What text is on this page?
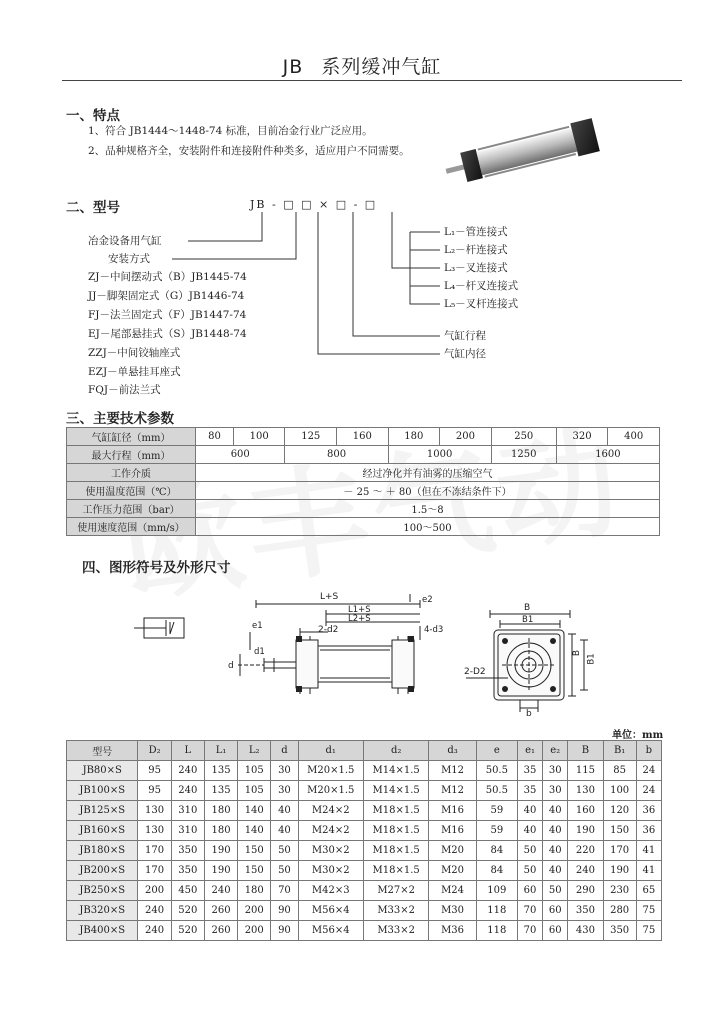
JB 系列缓冲气缸
一、特点
1、符合 JB1444～1448-74 标准，目前冶金行业广泛应用。
2、品种规格齐全，安装附件和连接附件种类多，适应用户不同需要。
二、型号	JB - □ □ × □ - □
冶金设备用气缸
安装方式
ZJ－中间摆动式（B）JB1445-74
JJ－脚架固定式（G）JB1446-74
FJ－法兰固定式（F）JB1447-74
EJ－尾部悬挂式（S）JB1448-74
ZZJ－中间铰轴座式
EZJ－单悬挂耳座式
FQJ－前法兰式
L₁－管连接式
L₂－杆连接式
L₃－叉连接式
L₄－杆叉连接式
L₅－叉杆连接式
气缸行程
气缸内径
三、主要技术参数
气缸缸径（mm）	80	100	125	160	180	200	250	320	400
最大行程（mm）	600		800		1000		1250	1600	
工作介质	经过净化并有油雾的压缩空气								
使用温度范围（℃）	－ 25 ～ ＋ 80（但在不冻结条件下）								
工作压力范围（bar）	1.5～8								
使用速度范围（mm/s）	100～500								
四、图形符号及外形尺寸
L+S
L1+S
L2+S
2-d2
e2
e1	4-d3
d
d1
B
B1
2-D2
b
B
B1
单位：mm
型号	D₂	L	L₁	L₂	d	d₁	d₂	d₃	e	e₁	e₂	B	B₁	b
JB80×S	95	240	135	105	30	M20×1.5	M14×1.5	M12	50.5	35	30	115	85	24
JB100×S	95	240	135	105	30	M20×1.5	M14×1.5	M12	50.5	35	30	130	100	24
JB125×S	130	310	180	140	40	M24×2	M18×1.5	M16	59	40	40	160	120	36
JB160×S	130	310	180	140	40	M24×2	M18×1.5	M16	59	40	40	190	150	36
JB180×S	170	350	190	150	50	M30×2	M18×1.5	M20	84	50	40	220	170	41
JB200×S	170	350	190	150	50	M30×2	M18×1.5	M20	84	50	40	240	190	41
JB250×S	200	450	240	180	70	M42×3	M27×2	M24	109	60	50	290	230	65
JB320×S	240	520	260	200	90	M56×4	M33×2	M30	118	70	60	350	280	75
JB400×S	240	520	260	200	90	M56×4	M33×2	M36	118	70	60	430	350	75
